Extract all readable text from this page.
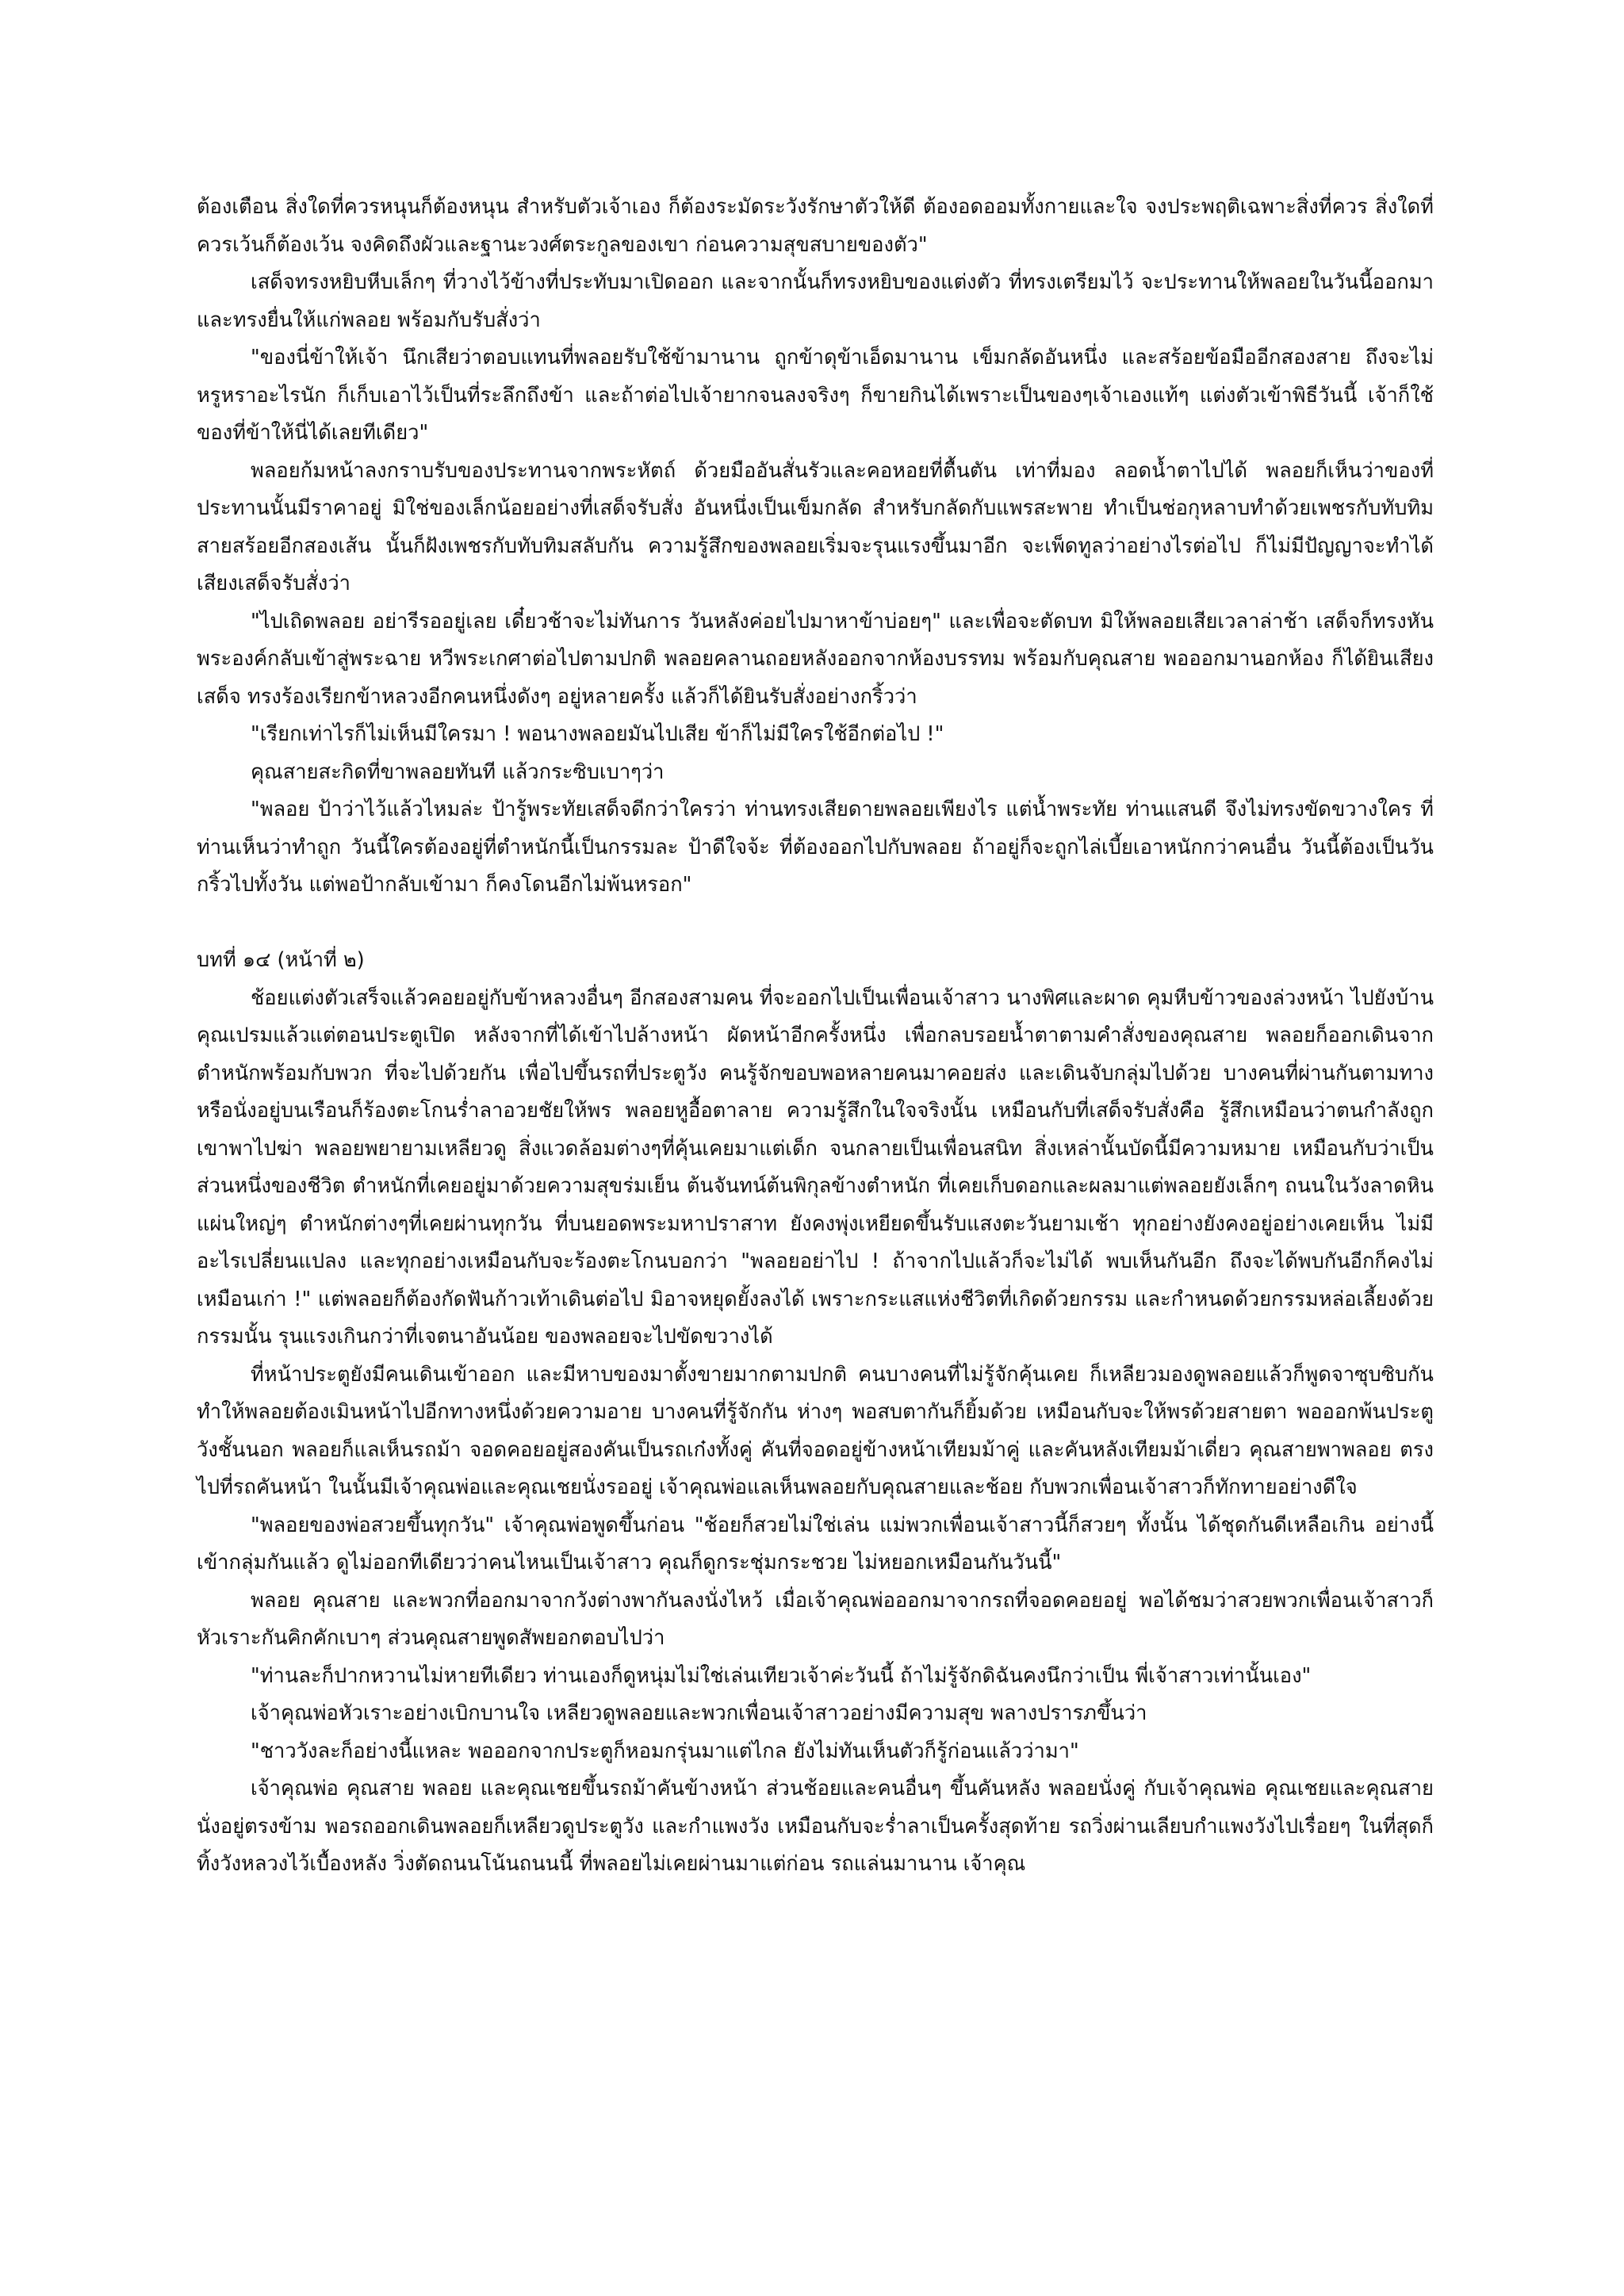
ต้องเตือน สิ่งใดที่ควรหนุนก็ต้องหนุน สำหรับตัวเจ้าเอง ก็ต้องระมัดระวังรักษาตัวให้ดี ต้องอดออมทั้งกายและใจ จงประพฤติเฉพาะสิ่งที่ควร สิ่งใดที่ควรเว้นก็ต้องเว้น จงคิดถึงผัวและฐานะวงศ์ตระกูลของเขา ก่อนความสุขสบายของตัว"

เสด็จทรงหยิบหีบเล็กๆ ที่วางไว้ข้างที่ประทับมาเปิดออก และจากนั้นก็ทรงหยิบของแต่งตัว ที่ทรงเตรียมไว้ จะประทานให้พลอยในวันนี้ออกมา และทรงยื่นให้แก่พลอย พร้อมกับรับสั่งว่า

"ของนี่ข้าให้เจ้า นึกเสียว่าตอบแทนที่พลอยรับใช้ข้ามานาน ถูกข้าดุข้าเอ็ดมานาน เข็มกลัดอันหนึ่ง และสร้อยข้อมืออีกสองสาย ถึงจะไม่หรูหราอะไรนัก ก็เก็บเอาไว้เป็นที่ระลึกถึงข้า และถ้าต่อไปเจ้ายากจนลงจริงๆ ก็ขายกินได้เพราะเป็นของๆเจ้าเองแท้ๆ แต่งตัวเข้าพิธีวันนี้ เจ้าก็ใช้ของที่ข้าให้นี่ได้เลยทีเดียว"

พลอยก้มหน้าลงกราบรับของประทานจากพระหัตถ์ ด้วยมืออันสั่นรัวและคอหอยที่ตื้นตัน เท่าที่มอง ลอดน้ำตาไปได้ พลอยก็เห็นว่าของที่ประทานนั้นมีราคาอยู่ มิใช่ของเล็กน้อยอย่างที่เสด็จรับสั่ง อันหนึ่งเป็นเข็มกลัด สำหรับกลัดกับแพรสะพาย ทำเป็นช่อกุหลาบทำด้วยเพชรกับทับทิม สายสร้อยอีกสองเส้น นั้นก็ฝังเพชรกับทับทิมสลับกัน ความรู้สึกของพลอยเริ่มจะรุนแรงขึ้นมาอีก จะเพ็ดทูลว่าอย่างไรต่อไป ก็ไม่มีปัญญาจะทำได้ เสียงเสด็จรับสั่งว่า

"ไปเถิดพลอย อย่ารีรออยู่เลย เดี๋ยวช้าจะไม่ทันการ วันหลังค่อยไปมาหาข้าบ่อยๆ" และเพื่อจะตัดบท มิให้พลอยเสียเวลาล่าช้า เสด็จก็ทรงหันพระองค์กลับเข้าสู่พระฉาย หวีพระเกศาต่อไปตามปกติ พลอยคลานถอยหลังออกจากห้องบรรทม พร้อมกับคุณสาย พอออกมานอกห้อง ก็ได้ยินเสียงเสด็จ ทรงร้องเรียกข้าหลวงอีกคนหนึ่งดังๆ อยู่หลายครั้ง แล้วก็ได้ยินรับสั่งอย่างกริ้วว่า

"เรียกเท่าไรก็ไม่เห็นมีใครมา ! พอนางพลอยมันไปเสีย ข้าก็ไม่มีใครใช้อีกต่อไป !"

คุณสายสะกิดที่ขาพลอยทันที แล้วกระซิบเบาๆว่า

"พลอย ป้าว่าไว้แล้วไหมล่ะ ป้ารู้พระทัยเสด็จดีกว่าใครว่า ท่านทรงเสียดายพลอยเพียงไร แต่น้ำพระทัย ท่านแสนดี จึงไม่ทรงขัดขวางใคร ที่ท่านเห็นว่าทำถูก วันนี้ใครต้องอยู่ที่ตำหนักนี้เป็นกรรมละ ป้าดีใจจ้ะ ที่ต้องออกไปกับพลอย ถ้าอยู่ก็จะถูกไล่เบี้ยเอาหนักกว่าคนอื่น วันนี้ต้องเป็นวันกริ้วไปทั้งวัน แต่พอป้ากลับเข้ามา ก็คงโดนอีกไม่พ้นหรอก"

บทที่ ๑๔ (หน้าที่ ๒)

ช้อยแต่งตัวเสร็จแล้วคอยอยู่กับข้าหลวงอื่นๆ อีกสองสามคน ที่จะออกไปเป็นเพื่อนเจ้าสาว นางพิศและผาด คุมหีบข้าวของล่วงหน้า ไปยังบ้านคุณเปรมแล้วแต่ตอนประตูเปิด หลังจากที่ได้เข้าไปล้างหน้า ผัดหน้าอีกครั้งหนึ่ง เพื่อกลบรอยน้ำตาตามคำสั่งของคุณสาย พลอยก็ออกเดินจากตำหนักพร้อมกับพวก ที่จะไปด้วยกัน เพื่อไปขึ้นรถที่ประตูวัง คนรู้จักขอบพอหลายคนมาคอยส่ง และเดินจับกลุ่มไปด้วย บางคนที่ผ่านกันตามทาง หรือนั่งอยู่บนเรือนก็ร้องตะโกนร่ำลาอวยชัยให้พร พลอยหูอื้อตาลาย ความรู้สึกในใจจริงนั้น เหมือนกับที่เสด็จรับสั่งคือ รู้สึกเหมือนว่าตนกำลังถูกเขาพาไปฆ่า พลอยพยายามเหลียวดู สิ่งแวดล้อมต่างๆที่คุ้นเคยมาแต่เด็ก จนกลายเป็นเพื่อนสนิท สิ่งเหล่านั้นบัดนี้มีความหมาย เหมือนกับว่าเป็นส่วนหนึ่งของชีวิต ตำหนักที่เคยอยู่มาด้วยความสุขร่มเย็น ต้นจันทน์ต้นพิกุลข้างตำหนัก ที่เคยเก็บดอกและผลมาแต่พลอยยังเล็กๆ ถนนในวังลาดหินแผ่นใหญ่ๆ ตำหนักต่างๆที่เคยผ่านทุกวัน ที่บนยอดพระมหาปราสาท ยังคงพุ่งเหยียดขึ้นรับแสงตะวันยามเช้า ทุกอย่างยังคงอยู่อย่างเคยเห็น ไม่มีอะไรเปลี่ยนแปลง และทุกอย่างเหมือนกับจะร้องตะโกนบอกว่า "พลอยอย่าไป ! ถ้าจากไปแล้วก็จะไม่ได้ พบเห็นกันอีก ถึงจะได้พบกันอีกก็คงไม่เหมือนเก่า !" แต่พลอยก็ต้องกัดฟันก้าวเท้าเดินต่อไป มิอาจหยุดยั้งลงได้ เพราะกระแสแห่งชีวิตที่เกิดด้วยกรรม และกำหนดด้วยกรรมหล่อเลี้ยงด้วยกรรมนั้น รุนแรงเกินกว่าที่เจตนาอันน้อย ของพลอยจะไปขัดขวางได้

ที่หน้าประตูยังมีคนเดินเข้าออก และมีหาบของมาตั้งขายมากตามปกติ คนบางคนที่ไม่รู้จักคุ้นเคย ก็เหลียวมองดูพลอยแล้วก็พูดจาซุบซิบกัน ทำให้พลอยต้องเมินหน้าไปอีกทางหนึ่งด้วยความอาย บางคนที่รู้จักกัน ห่างๆ พอสบตากันก็ยิ้มด้วย เหมือนกับจะให้พรด้วยสายตา พอออกพ้นประตูวังชั้นนอก พลอยก็แลเห็นรถม้า จอดคอยอยู่สองคันเป็นรถเก๋งทั้งคู่ คันที่จอดอยู่ข้างหน้าเทียมม้าคู่ และคันหลังเทียมม้าเดี่ยว คุณสายพาพลอย ตรงไปที่รถคันหน้า ในนั้นมีเจ้าคุณพ่อและคุณเชยนั่งรออยู่ เจ้าคุณพ่อแลเห็นพลอยกับคุณสายและช้อย กับพวกเพื่อนเจ้าสาวก็ทักทายอย่างดีใจ

"พลอยของพ่อสวยขึ้นทุกวัน" เจ้าคุณพ่อพูดขึ้นก่อน "ช้อยก็สวยไม่ใช่เล่น แม่พวกเพื่อนเจ้าสาวนี้ก็สวยๆ ทั้งนั้น ได้ชุดกันดีเหลือเกิน อย่างนี้เข้ากลุ่มกันแล้ว ดูไม่ออกทีเดียวว่าคนไหนเป็นเจ้าสาว คุณก็ดูกระชุ่มกระชวย ไม่หยอกเหมือนกันวันนี้"

พลอย คุณสาย และพวกที่ออกมาจากวังต่างพากันลงนั่งไหว้ เมื่อเจ้าคุณพ่อออกมาจากรถที่จอดคอยอยู่ พอได้ชมว่าสวยพวกเพื่อนเจ้าสาวก็หัวเราะกันคิกคักเบาๆ ส่วนคุณสายพูดสัพยอกตอบไปว่า

"ท่านละก็ปากหวานไม่หายทีเดียว ท่านเองก็ดูหนุ่มไม่ใช่เล่นเทียวเจ้าค่ะวันนี้ ถ้าไม่รู้จักดิฉันคงนึกว่าเป็น พี่เจ้าสาวเท่านั้นเอง"

เจ้าคุณพ่อหัวเราะอย่างเบิกบานใจ เหลียวดูพลอยและพวกเพื่อนเจ้าสาวอย่างมีความสุข พลางปรารภขึ้นว่า

"ชาววังละก็อย่างนี้แหละ พอออกจากประตูก็หอมกรุ่นมาแต่ไกล ยังไม่ทันเห็นตัวก็รู้ก่อนแล้วว่ามา"

เจ้าคุณพ่อ คุณสาย พลอย และคุณเชยขึ้นรถม้าคันข้างหน้า ส่วนช้อยและคนอื่นๆ ขึ้นคันหลัง พลอยนั่งคู่ กับเจ้าคุณพ่อ คุณเชยและคุณสายนั่งอยู่ตรงข้าม พอรถออกเดินพลอยก็เหลียวดูประตูวัง และกำแพงวัง เหมือนกับจะร่ำลาเป็นครั้งสุดท้าย รถวิ่งผ่านเลียบกำแพงวังไปเรื่อยๆ ในที่สุดก็ทิ้งวังหลวงไว้เบื้องหลัง วิ่งตัดถนนโน้นถนนนี้ ที่พลอยไม่เคยผ่านมาแต่ก่อน รถแล่นมานาน เจ้าคุณ
